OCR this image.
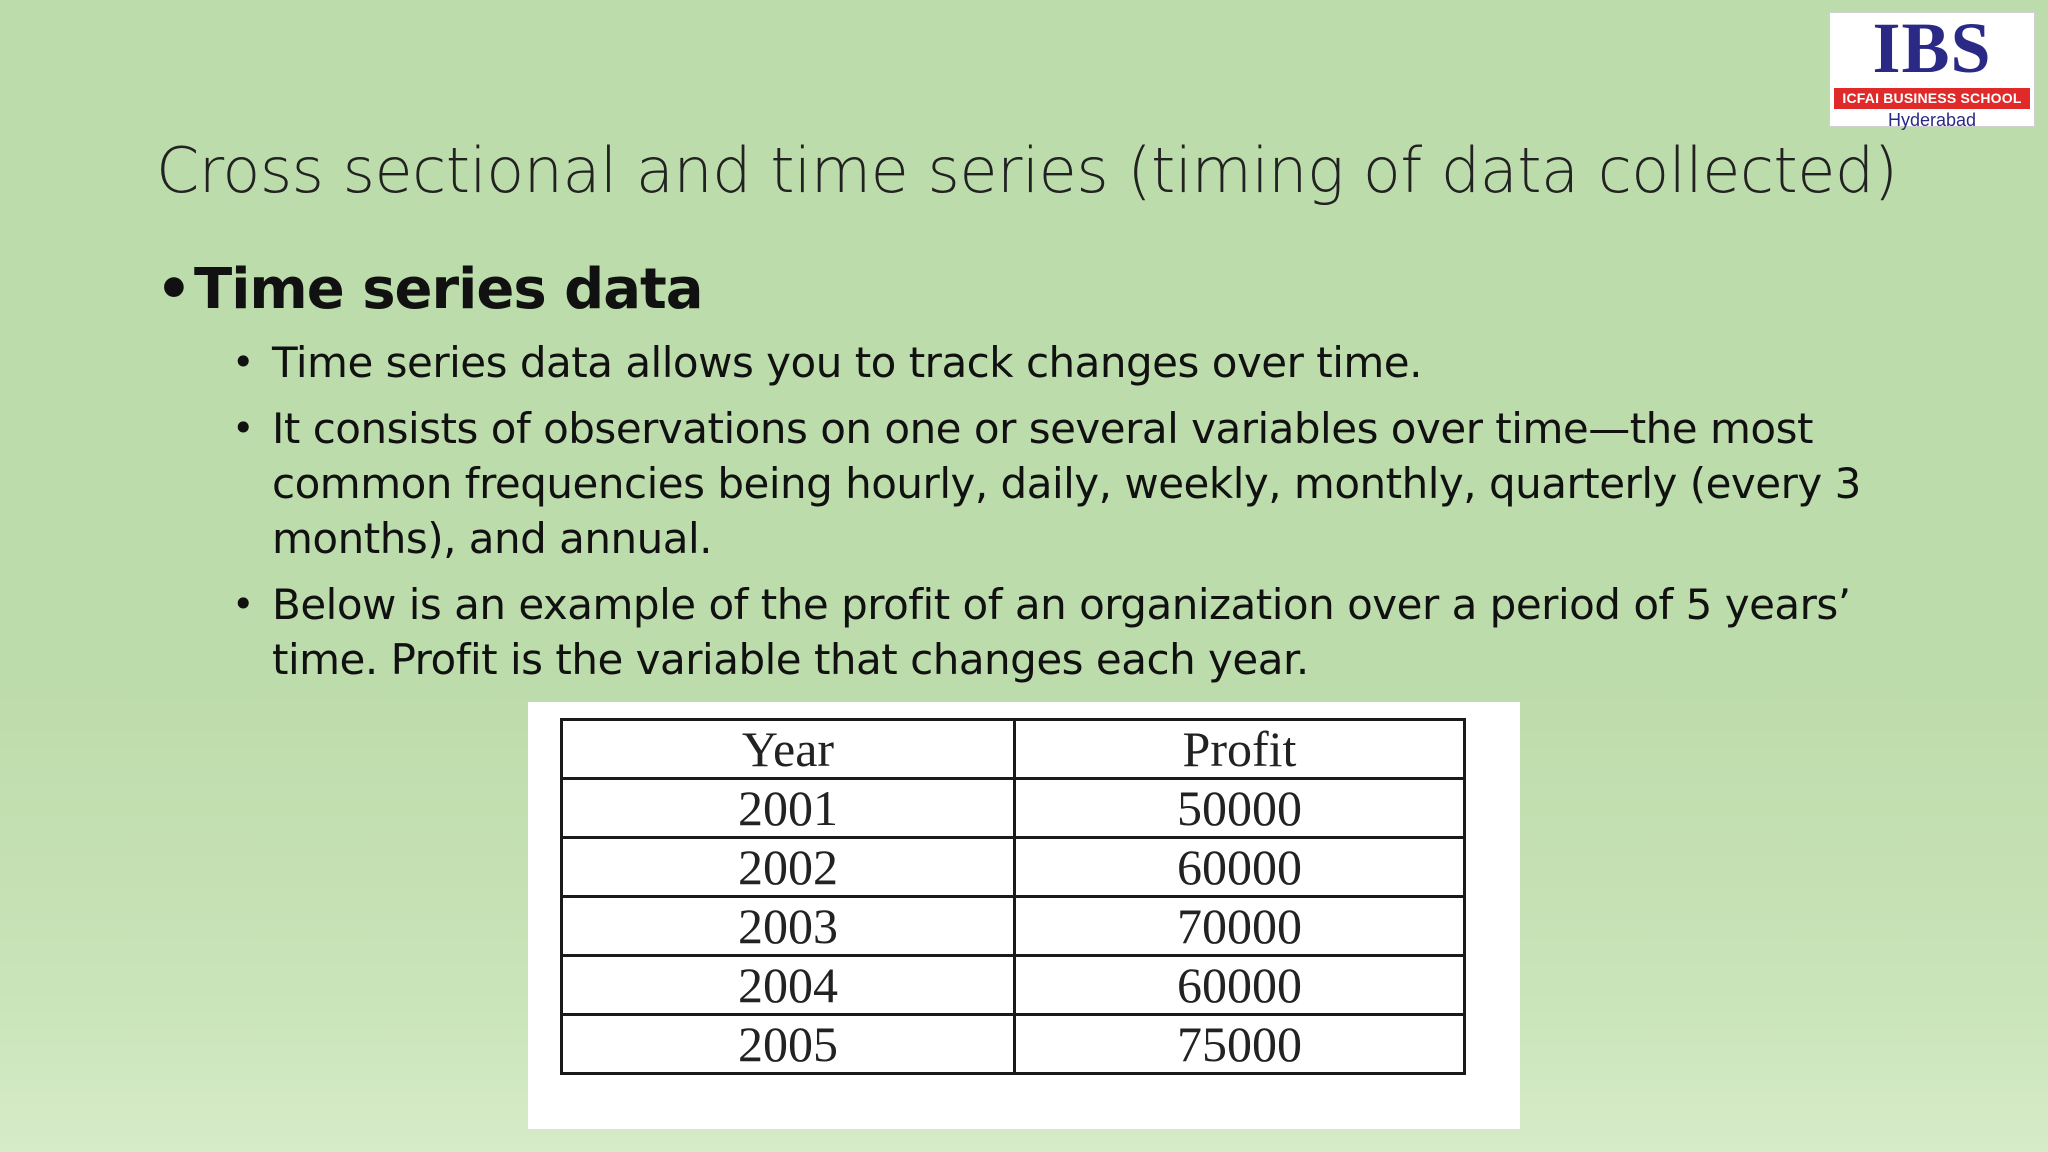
IBS
ICFAI BUSINESS SCHOOL
Hyderabad
Cross sectional and time series (timing of data collected)
• Time series data
• Time series data allows you to track changes over time.
• It consists of observations on one or several variables over time—the most common frequencies being hourly, daily, weekly, monthly, quarterly (every 3 months), and annual.
• Below is an example of the profit of an organization over a period of 5 years’ time. Profit is the variable that changes each year.
Year	Profit
2001	50000
2002	60000
2003	70000
2004	60000
2005	75000
